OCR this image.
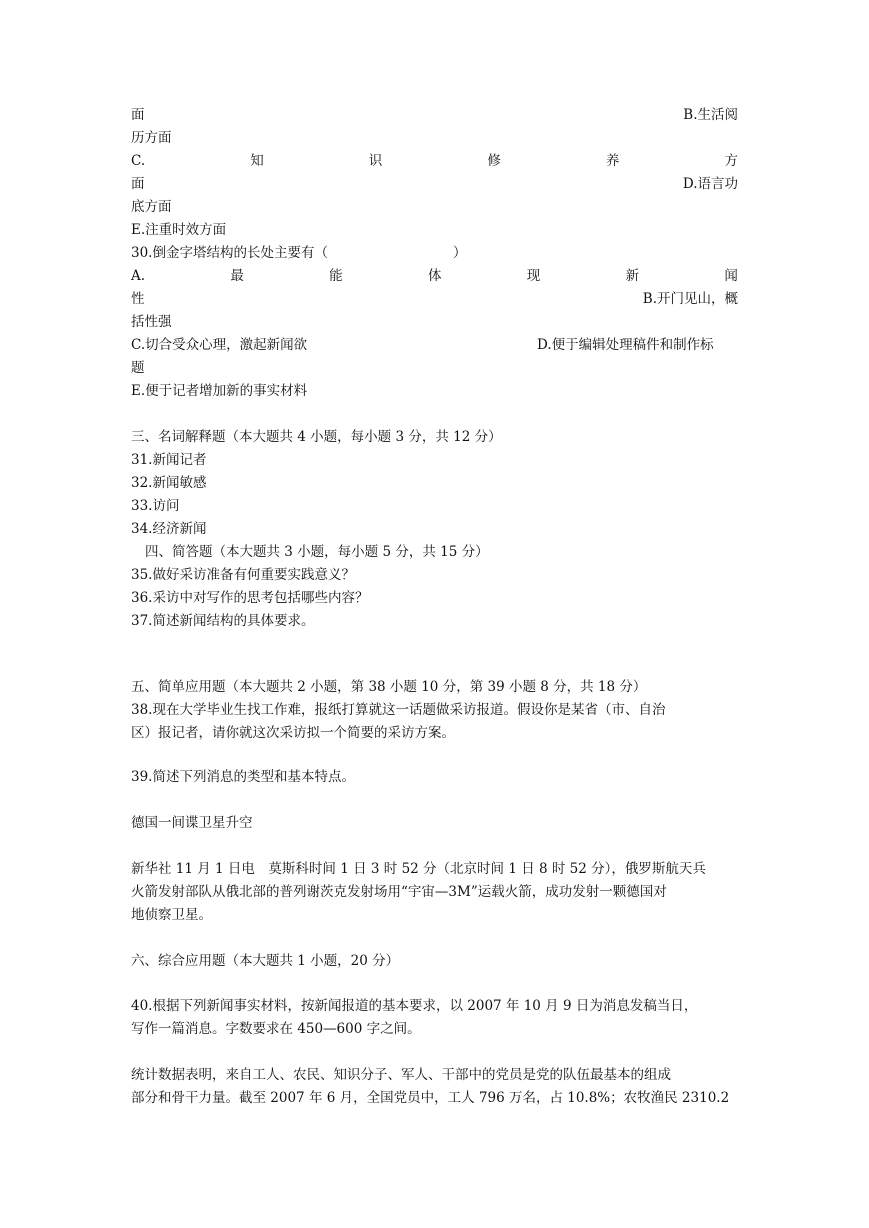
面	B.生活阅
历方面
C.	知	识	修	养	方
面	D.语言功
底方面
E.注重时效方面
30.倒金字塔结构的长处主要有（	）
A.	最	能	体	现	新	闻
性	B.开门见山，概
括性强
C.切合受众心理，激起新闻欲	D.便于编辑处理稿件和制作标
题
E.便于记者增加新的事实材料
三、名词解释题（本大题共 4 小题，每小题 3 分，共 12 分）
31.新闻记者
32.新闻敏感
33.访问
34.经济新闻
四、简答题（本大题共 3 小题，每小题 5 分，共 15 分）
35.做好采访准备有何重要实践意义？
36.采访中对写作的思考包括哪些内容？
37.简述新闻结构的具体要求。
五、简单应用题（本大题共 2 小题，第 38 小题 10 分，第 39 小题 8 分，共 18 分）
38.现在大学毕业生找工作难，报纸打算就这一话题做采访报道。假设你是某省（市、自治
区）报记者，请你就这次采访拟一个简要的采访方案。
39.简述下列消息的类型和基本特点。
德国一间谍卫星升空
新华社 11 月 1 日电　莫斯科时间 1 日 3 时 52 分（北京时间 1 日 8 时 52 分），俄罗斯航天兵
火箭发射部队从俄北部的普列谢茨克发射场用“宇宙—3M”运载火箭，成功发射一颗德国对
地侦察卫星。
六、综合应用题（本大题共 1 小题，20 分）
40.根据下列新闻事实材料，按新闻报道的基本要求，以 2007 年 10 月 9 日为消息发稿当日，
写作一篇消息。字数要求在 450—600 字之间。
统计数据表明，来自工人、农民、知识分子、军人、干部中的党员是党的队伍最基本的组成
部分和骨干力量。截至 2007 年 6 月，全国党员中，工人 796 万名，占 10.8%；农牧渔民 2310.2
